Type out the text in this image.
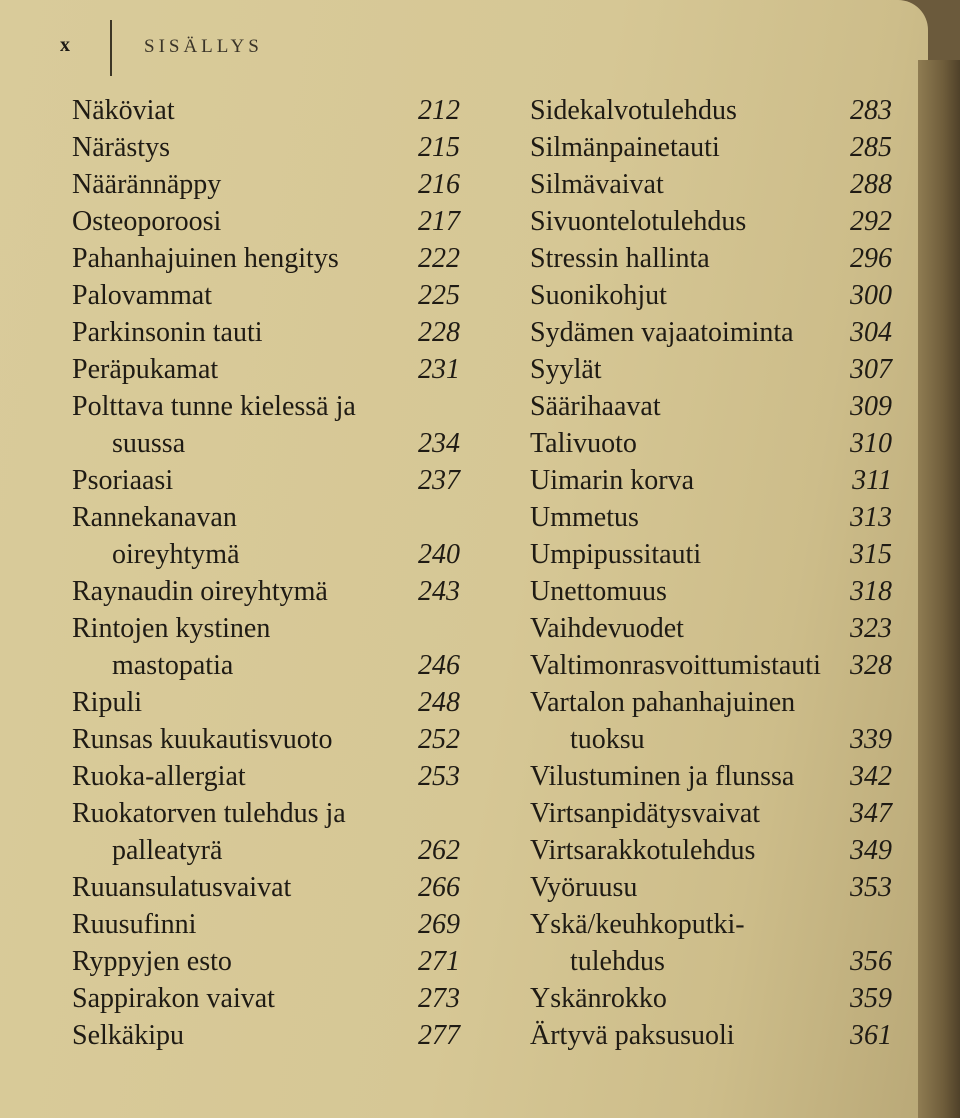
x	SISÄLLYS
Näköviat	212
Närästys	215
Näärännäppy	216
Osteoporoosi	217
Pahanhajuinen hengitys	222
Palovammat	225
Parkinsonin tauti	228
Peräpukamat	231
Polttava tunne kielessä ja
suussa	234
Psoriaasi	237
Rannekanavan
oireyhtymä	240
Raynaudin oireyhtymä	243
Rintojen kystinen
mastopatia	246
Ripuli	248
Runsas kuukautisvuoto	252
Ruoka-allergiat	253
Ruokatorven tulehdus ja
palleatyrä	262
Ruuansulatusvaivat	266
Ruusufinni	269
Ryppyjen esto	271
Sappirakon vaivat	273
Selkäkipu	277
Sidekalvotulehdus	283
Silmänpainetauti	285
Silmävaivat	288
Sivuontelotulehdus	292
Stressin hallinta	296
Suonikohjut	300
Sydämen vajaatoiminta 304
Syylät	307
Säärihaavat	309
Talivuoto	310
Uimarin korva	311
Ummetus	313
Umpipussitauti	315
Unettomuus	318
Vaihdevuodet	323
Valtimonrasvoittumistauti 328
Vartalon pahanhajuinen
tuoksu	339
Vilustuminen ja flunssa 342
Virtsanpidätysvaivat	347
Virtsarakkotulehdus	349
Vyöruusu	353
Yskä/keuhkoputki-
tulehdus	356
Yskänrokko	359
Ärtyvä paksusuoli	361
